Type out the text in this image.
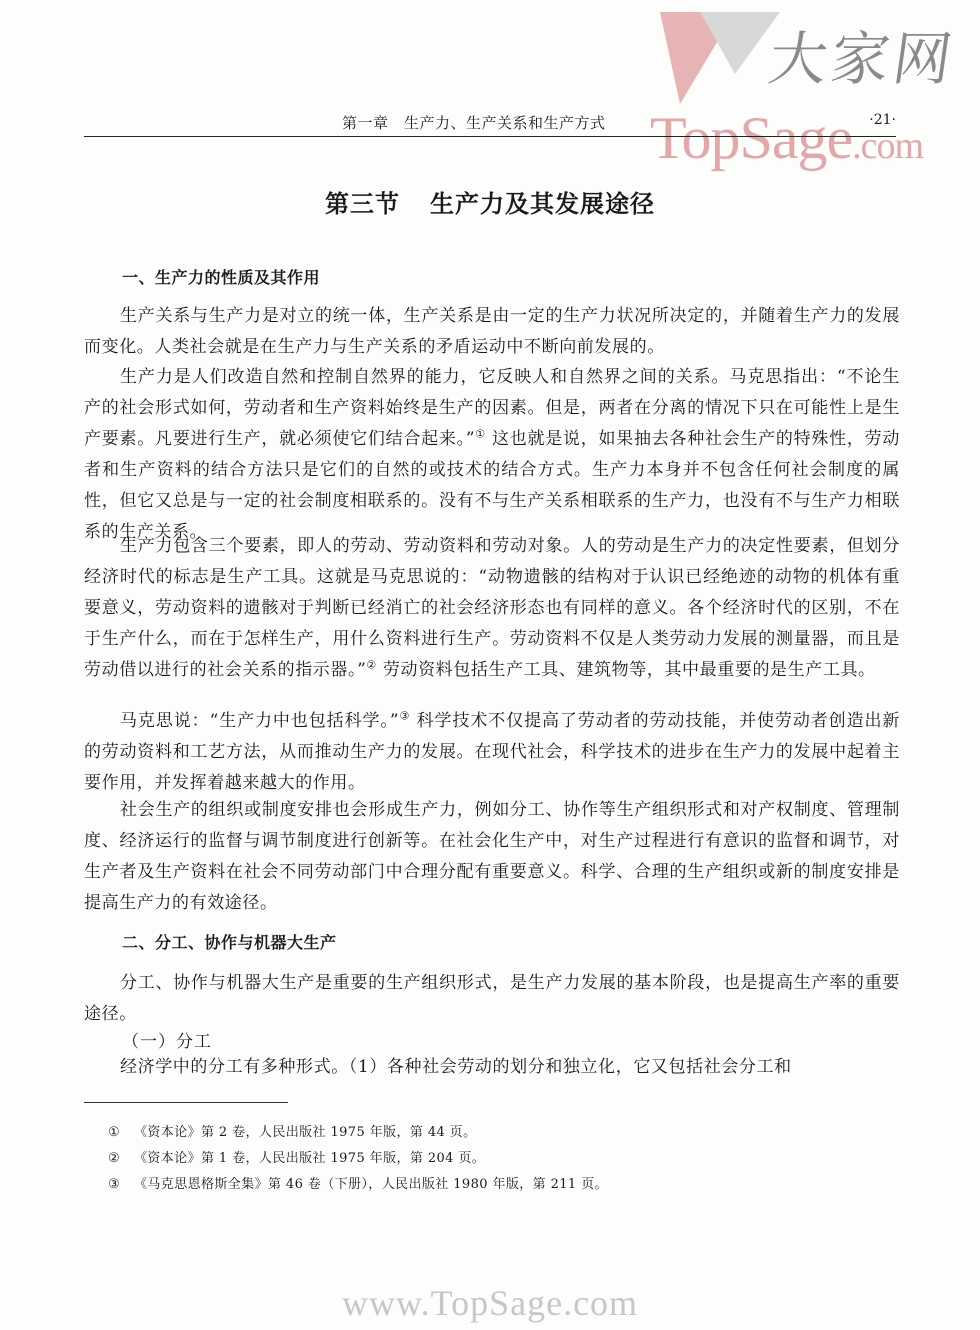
大家网
TopSage.com
第一章　生产力、生产关系和生产方式	·21·
第三节 生产力及其发展途径
一、生产力的性质及其作用

生产关系与生产力是对立的统一体，生产关系是由一定的生产力状况所决定的，并随着生产力的发展而变化。人类社会就是在生产力与生产关系的矛盾运动中不断向前发展的。

生产力是人们改造自然和控制自然界的能力，它反映人和自然界之间的关系。马克思指出：“不论生产的社会形式如何，劳动者和生产资料始终是生产的因素。但是，两者在分离的情况下只在可能性上是生产要素。凡要进行生产，就必须使它们结合起来。”① 这也就是说，如果抽去各种社会生产的特殊性，劳动者和生产资料的结合方法只是它们的自然的或技术的结合方式。生产力本身并不包含任何社会制度的属性，但它又总是与一定的社会制度相联系的。没有不与生产关系相联系的生产力，也没有不与生产力相联系的生产关系。

生产力包含三个要素，即人的劳动、劳动资料和劳动对象。人的劳动是生产力的决定性要素，但划分经济时代的标志是生产工具。这就是马克思说的：“动物遗骸的结构对于认识已经绝迹的动物的机体有重要意义，劳动资料的遗骸对于判断已经消亡的社会经济形态也有同样的意义。各个经济时代的区别，不在于生产什么，而在于怎样生产，用什么资料进行生产。劳动资料不仅是人类劳动力发展的测量器，而且是劳动借以进行的社会关系的指示器。”② 劳动资料包括生产工具、建筑物等，其中最重要的是生产工具。

马克思说：“生产力中也包括科学。”③ 科学技术不仅提高了劳动者的劳动技能，并使劳动者创造出新的劳动资料和工艺方法，从而推动生产力的发展。在现代社会，科学技术的进步在生产力的发展中起着主要作用，并发挥着越来越大的作用。

社会生产的组织或制度安排也会形成生产力，例如分工、协作等生产组织形式和对产权制度、管理制度、经济运行的监督与调节制度进行创新等。在社会化生产中，对生产过程进行有意识的监督和调节，对生产者及生产资料在社会不同劳动部门中合理分配有重要意义。科学、合理的生产组织或新的制度安排是提高生产力的有效途径。

二、分工、协作与机器大生产

分工、协作与机器大生产是重要的生产组织形式，是生产力发展的基本阶段，也是提高生产率的重要途径。

（一）分工

经济学中的分工有多种形式。（1）各种社会劳动的划分和独立化，它又包括社会分工和

① 《资本论》第 2 卷，人民出版社 1975 年版，第 44 页。
② 《资本论》第 1 卷，人民出版社 1975 年版，第 204 页。
③ 《马克思恩格斯全集》第 46 卷（下册），人民出版社 1980 年版，第 211 页。
www.TopSage.com
